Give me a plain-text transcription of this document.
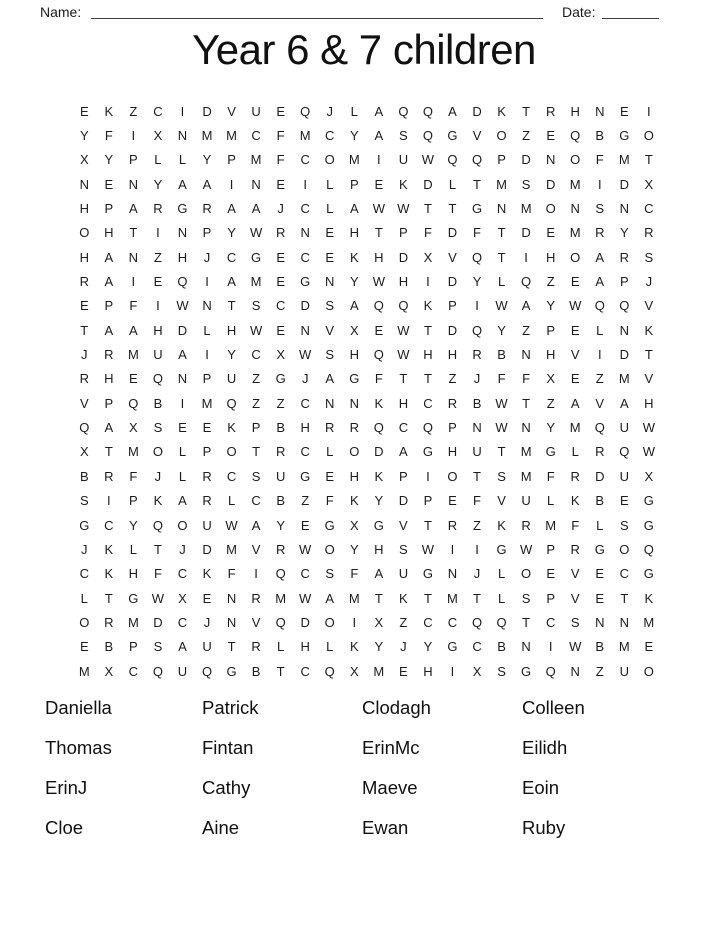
Name:	Date:
Year 6 & 7 children
E	K	Z	C	I	D	V	U	E	Q	J	L	A	Q	Q	A	D	K	T	R	H	N	E	I
Y	F	I	X	N	M	M	C	F	M	C	Y	A	S	Q	G	V	O	Z	E	Q	B	G	O
X	Y	P	L	L	Y	P	M	F	C	O	M	I	U	W	Q	Q	P	D	N	O	F	M	T
N	E	N	Y	A	A	I	N	E	I	L	P	E	K	D	L	T	M	S	D	M	I	D	X
H	P	A	R	G	R	A	A	J	C	L	A	W W	T	T	G	N	M	O	N	S	N	C
O	H	T	I	N	P	Y	W	R	N	E	H	T	P	F	D	F	T	D	E	M	R	Y	R
H	A	N	Z	H	J	C	G	E	C	E	K	H	D	X	V	Q	T	I	H	O	A	R	S
R	A	I	E	Q	I	A	M	E	G	N	Y	W	H	I	D	Y	L	Q	Z	E	A	P	J
E	P	F	I	W	N	T	S	C	D	S	A	Q	Q	K	P	I	W	A	Y	W	Q	Q	V
T	A	A	H	D	L	H	W	E	N	V	X	E	W	T	D	Q	Y	Z	P	E	L	N	K
J	R	M	U	A	I	Y	C	X	W	S	H	Q	W	H	H	R	B	N	H	V	I	D	T
R	H	E	Q	N	P	U	Z	G	J	A	G	F	T	T	Z	J	F	F	X	E	Z	M	V
V	P	Q	B	I	M	Q	Z	Z	C	N	N	K	H	C	R	B	W	T	Z	A	V	A	H
Q	A	X	S	E	E	K	P	B	H	R	R	Q	C	Q	P	N	W	N	Y	M	Q	U	W
X	T	M	O	L	P	O	T	R	C	L	O	D	A	G	H	U	T	M	G	L	R	Q	W
B	R	F	J	L	R	C	S	U	G	E	H	K	P	I	O	T	S	M	F	R	D	U	X
S	I	P	K	A	R	L	C	B	Z	F	K	Y	D	P	E	F	V	U	L	K	B	E	G
G	C	Y	Q	O	U	W	A	Y	E	G	X	G	V	T	R	Z	K	R	M	F	L	S	G
J	K	L	T	J	D	M	V	R	W	O	Y	H	S	W	I	I	G	W	P	R	G	O	Q
C	K	H	F	C	K	F	I	Q	C	S	F	A	U	G	N	J	L	O	E	V	E	C	G
L	T	G	W	X	E	N	R	M W	A	M	T	K	T	M	T	L	S	P	V	E	T	K
O	R	M	D	C	J	N	V	Q	D	O	I	X	Z	C	C	Q	Q	T	C	S	N	N	M
E	B	P	S	A	U	T	R	L	H	L	K	Y	J	Y	G	C	B	N	I	W	B	M	E
M	X	C	Q	U	Q	G	B	T	C	Q	X	M	E	H	I	X	S	G	Q	N	Z	U	O
Daniella	Patrick	Clodagh	Colleen
Thomas	Fintan	ErinMc	Eilidh
ErinJ	Cathy	Maeve	Eoin
Cloe	Aine	Ewan	Ruby
